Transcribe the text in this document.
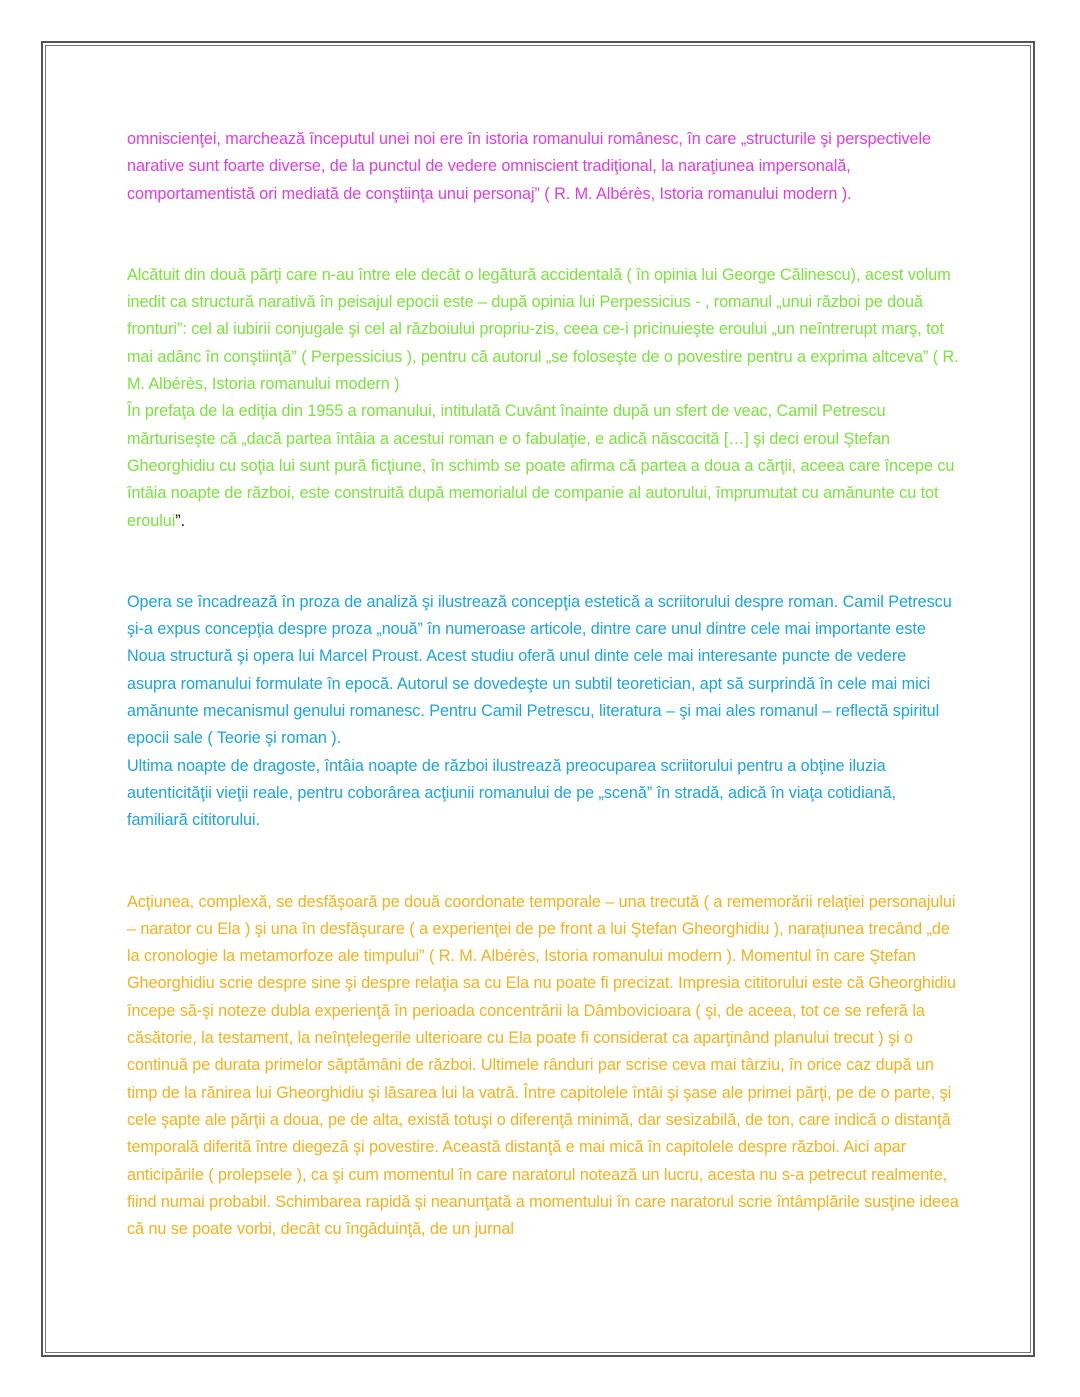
omniscienţei, marchează începutul unei noi ere în istoria romanului românesc, în care „structurile şi perspectivele narative sunt foarte diverse, de la punctul de vedere omniscient tradiţional, la naraţiunea impersonală, comportamentistă ori mediată de conştiinţa unui personaj” ( R. M. Albérès, Istoria romanului modern ).

Alcătuit din două părţi care n-au între ele decât o legătură accidentală ( în opinia lui George Călinescu), acest volum inedit ca structură narativă în peisajul epocii este – după opinia lui Perpessicius - , romanul „unui război pe două fronturi”: cel al iubirii conjugale şi cel al războiului propriu-zis, ceea ce-i pricinuieşte eroului „un neîntrerupt marş, tot mai adânc în conştiinţă” ( Perpessicius ), pentru că autorul „se foloseşte de o povestire pentru a exprima altceva” ( R. M. Albérès, Istoria romanului modern )

În prefaţa de la ediţia din 1955 a romanului, intitulată Cuvânt înainte după un sfert de veac, Camil Petrescu mărturiseşte că „dacă partea întâia a acestui roman e o fabulaţie, e adică născocită […] şi deci eroul Ştefan Gheorghidiu cu soţia lui sunt pură ficţiune, în schimb se poate afirma că partea a doua a cărţii, aceea care începe cu întâia noapte de război, este construită după memorialul de companie al autorului, împrumutat cu amănunte cu tot eroului”.

Opera se încadrează în proza de analiză şi ilustrează concepţia estetică a scriitorului despre roman. Camil Petrescu şi-a expus concepţia despre proza „nouă” în numeroase articole, dintre care unul dintre cele mai importante este Noua structură şi opera lui Marcel Proust. Acest studiu oferă unul dinte cele mai interesante puncte de vedere asupra romanului formulate în epocă. Autorul se dovedeşte un subtil teoretician, apt să surprindă în cele mai mici amănunte mecanismul genului romanesc. Pentru Camil Petrescu, literatura – şi mai ales romanul – reflectă spiritul epocii sale ( Teorie şi roman ).

Ultima noapte de dragoste, întâia noapte de război ilustrează preocuparea scriitorului pentru a obţine iluzia autenticităţii vieţii reale, pentru coborârea acţiunii romanului de pe „scenă” în stradă, adică în viaţa cotidiană, familiară cititorului.

Acţiunea, complexă, se desfăşoară pe două coordonate temporale – una trecută ( a rememorării relaţiei personajului – narator cu Ela ) şi una în desfăşurare ( a experienţei de pe front a lui Ştefan Gheorghidiu ), naraţiunea trecând „de la cronologie la metamorfoze ale timpului” ( R. M. Albérès, Istoria romanului modern ). Momentul în care Ştefan Gheorghidiu scrie despre sine şi despre relaţia sa cu Ela nu poate fi precizat. Impresia cititorului este că Gheorghidiu începe să-şi noteze dubla experienţă în perioada concentrării la Dâmbovicioara ( şi, de aceea, tot ce se referă la căsătorie, la testament, la neînţelegerile ulterioare cu Ela poate fi considerat ca aparţinând planului trecut ) şi o continuă pe durata primelor săptămâni de război. Ultimele rânduri par scrise ceva mai târziu, în orice caz după un timp de la rănirea lui Gheorghidiu şi lăsarea lui la vatră. Între capitolele întâi şi şase ale primei părţi, pe de o parte, şi cele şapte ale părţii a doua, pe de alta, există totuşi o diferenţă minimă, dar sesizabilă, de ton, care indică o distanţă temporală diferită între diegeză şi povestire. Această distanţă e mai mică în capitolele despre război. Aici apar anticipările ( prolepsele ), ca şi cum momentul în care naratorul notează un lucru, acesta nu s-a petrecut realmente, fiind numai probabil. Schimbarea rapidă şi neanunţată a momentului în care naratorul scrie întâmplările susţine ideea că nu se poate vorbi, decât cu îngăduinţă, de un jurnal
